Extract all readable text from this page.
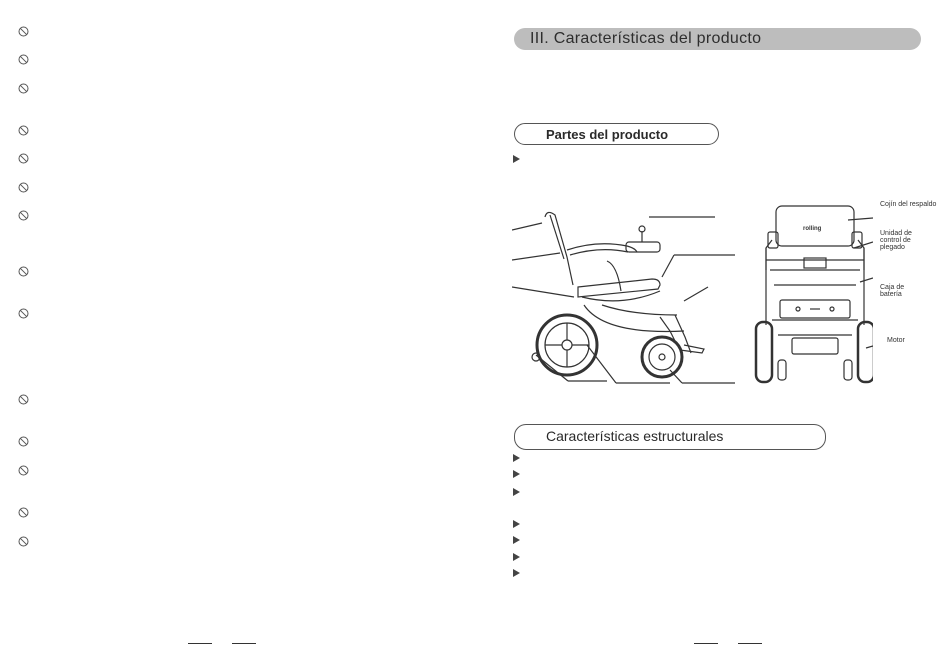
III. Características del producto
Partes del producto
rolling
Cojín del respaldo
Unidad de control de plegado
Caja de batería
Motor
Características estructurales
